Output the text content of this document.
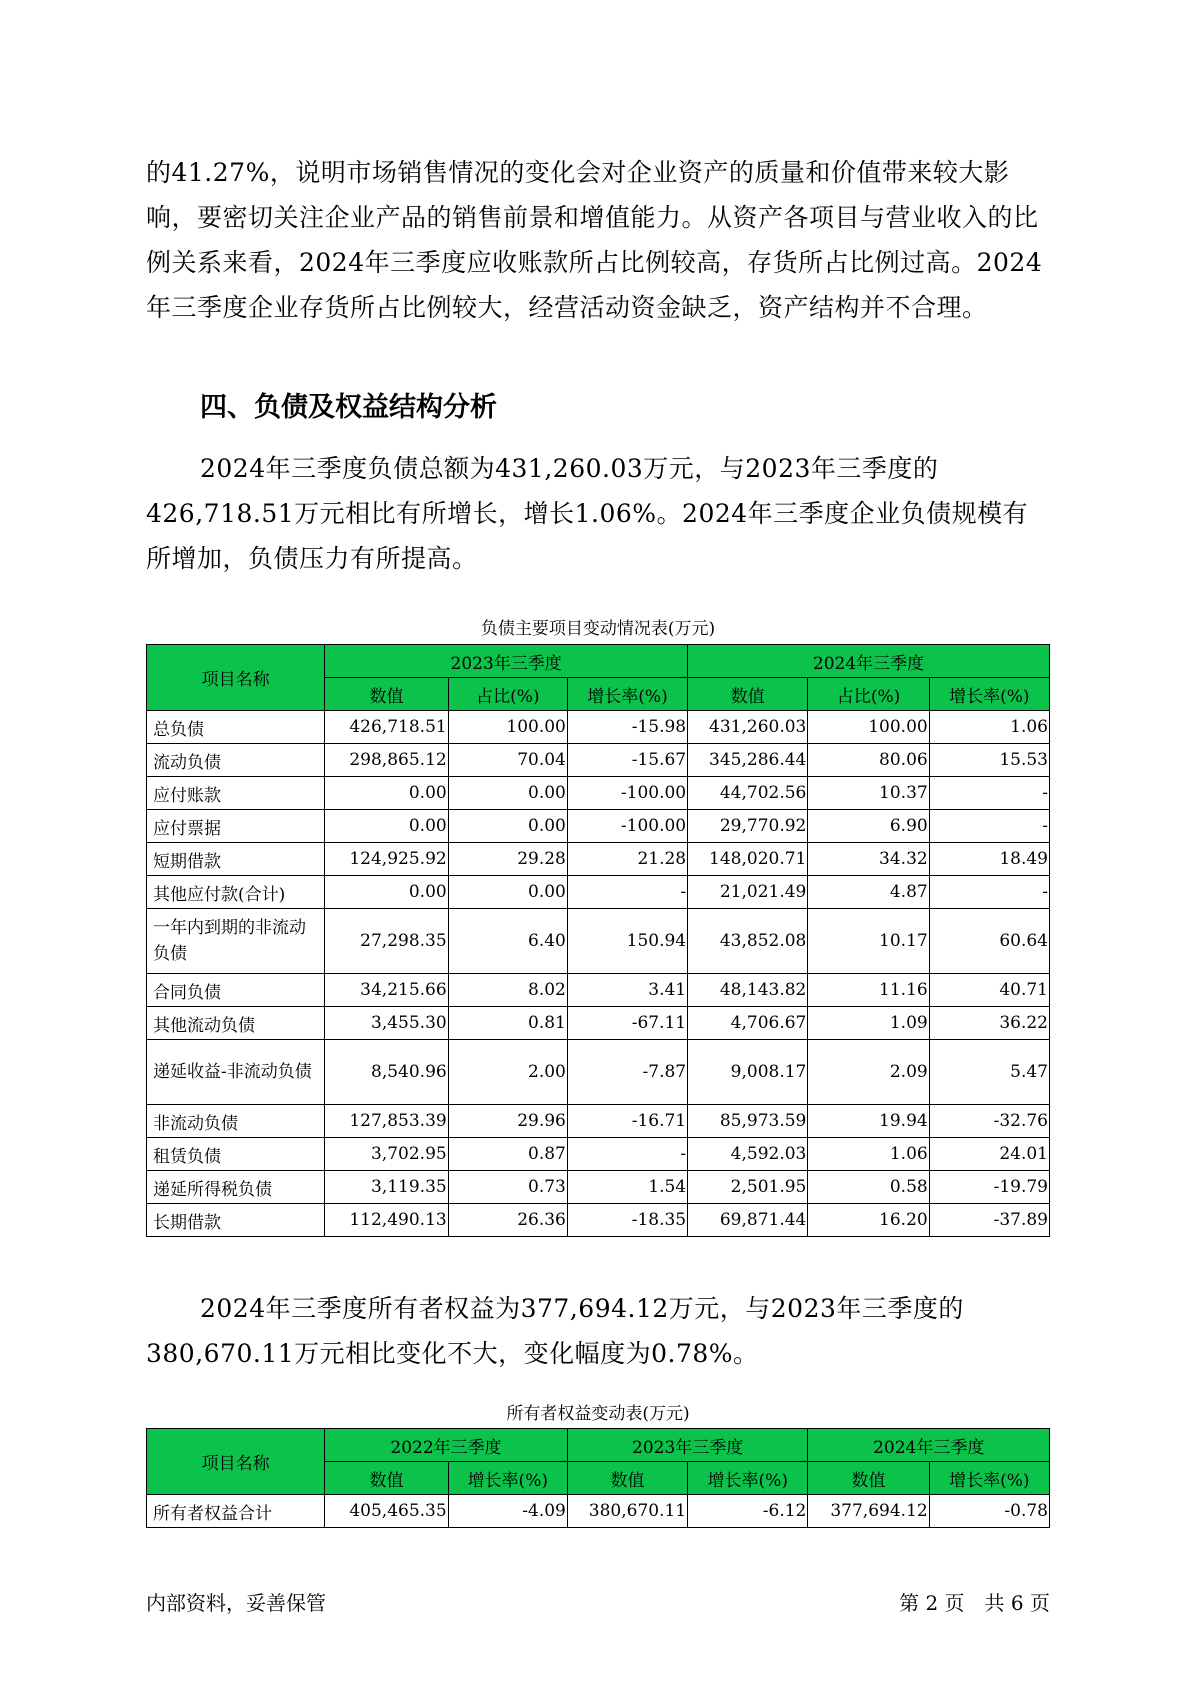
的41.27%，说明市场销售情况的变化会对企业资产的质量和价值带来较大影响，要密切关注企业产品的销售前景和增值能力。从资产各项目与营业收入的比例关系来看，2024年三季度应收账款所占比例较高，存货所占比例过高。2024年三季度企业存货所占比例较大，经营活动资金缺乏，资产结构并不合理。

四、负债及权益结构分析

2024年三季度负债总额为431,260.03万元，与2023年三季度的426,718.51万元相比有所增长，增长1.06%。2024年三季度企业负债规模有所增加，负债压力有所提高。

负债主要项目变动情况表(万元)

项目名称	2023年三季度			2024年三季度		
	数值	占比(%)	增长率(%)	数值	占比(%)	增长率(%)
总负债	426,718.51	100.00	-15.98	431,260.03	100.00	1.06
流动负债	298,865.12	70.04	-15.67	345,286.44	80.06	15.53
应付账款	0.00	0.00	-100.00	44,702.56	10.37	-
应付票据	0.00	0.00	-100.00	29,770.92	6.90	-
短期借款	124,925.92	29.28	21.28	148,020.71	34.32	18.49
其他应付款(合计)	0.00	0.00	-	21,021.49	4.87	-
一年内到期的非流动负债	27,298.35	6.40	150.94	43,852.08	10.17	60.64
合同负债	34,215.66	8.02	3.41	48,143.82	11.16	40.71
其他流动负债	3,455.30	0.81	-67.11	4,706.67	1.09	36.22
递延收益-非流动负债	8,540.96	2.00	-7.87	9,008.17	2.09	5.47
非流动负债	127,853.39	29.96	-16.71	85,973.59	19.94	-32.76
租赁负债	3,702.95	0.87	-	4,592.03	1.06	24.01
递延所得税负债	3,119.35	0.73	1.54	2,501.95	0.58	-19.79
长期借款	112,490.13	26.36	-18.35	69,871.44	16.20	-37.89

2024年三季度所有者权益为377,694.12万元，与2023年三季度的380,670.11万元相比变化不大，变化幅度为0.78%。

所有者权益变动表(万元)

项目名称	2022年三季度		2023年三季度		2024年三季度	
	数值	增长率(%)	数值	增长率(%)	数值	增长率(%)
所有者权益合计	405,465.35	-4.09	380,670.11	-6.12	377,694.12	-0.78

内部资料，妥善保管	第 2 页　共 6 页
